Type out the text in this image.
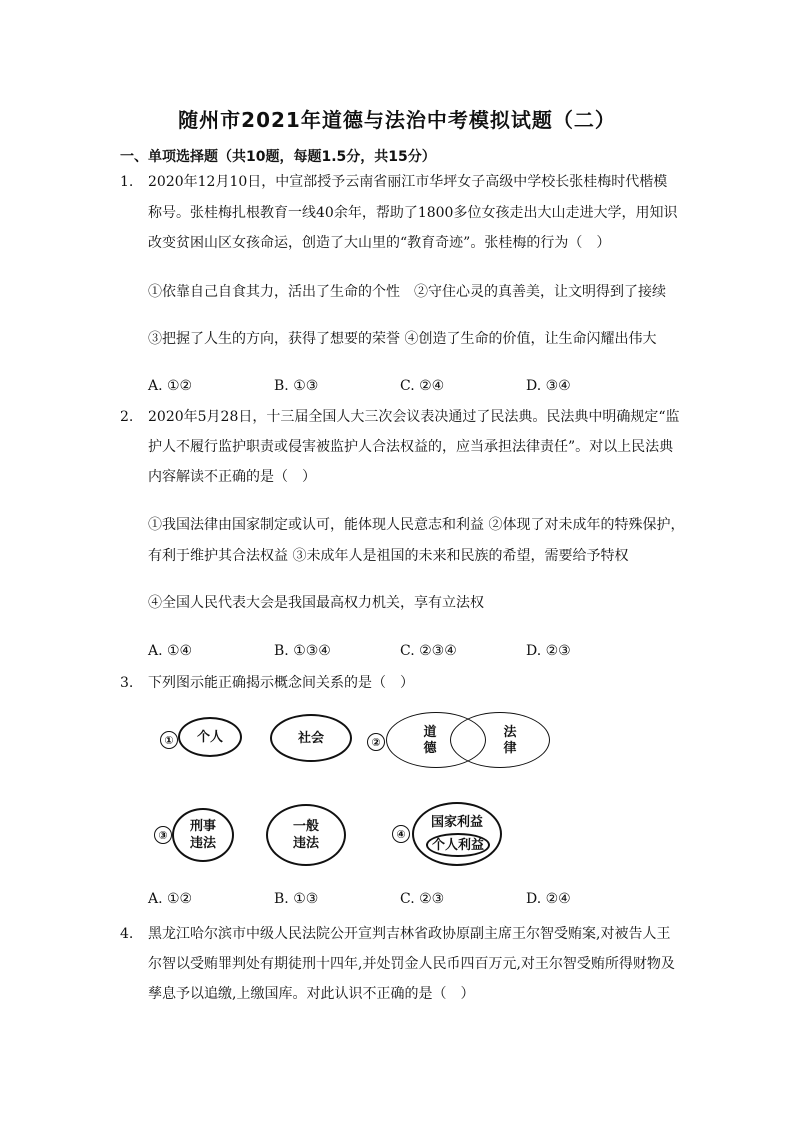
随州市2021年道德与法治中考模拟试题（二）
一、单项选择题（共10题，每题1.5分，共15分）
1. 2020年12月10日，中宣部授予云南省丽江市华坪女子高级中学校长张桂梅时代楷模
称号。张桂梅扎根教育一线40余年，帮助了1800多位女孩走出大山走进大学，用知识
改变贫困山区女孩命运，创造了大山里的“教育奇迹”。张桂梅的行为（　）
①依靠自己自食其力，活出了生命的个性　②守住心灵的真善美，让文明得到了接续
③把握了人生的方向，获得了想要的荣誉 ④创造了生命的价值，让生命闪耀出伟大
A. ①②	B. ①③	C. ②④	D. ③④
2. 2020年5月28日，十三届全国人大三次会议表决通过了民法典。民法典中明确规定“监
护人不履行监护职责或侵害被监护人合法权益的，应当承担法律责任”。对以上民法典
内容解读不正确的是（　）
①我国法律由国家制定或认可，能体现人民意志和利益 ②体现了对未成年的特殊保护，
有利于维护其合法权益 ③未成年人是祖国的未来和民族的希望，需要给予特权
④全国人民代表大会是我国最高权力机关，享有立法权
A. ①④	B. ①③④	C. ②③④	D. ②③
3. 下列图示能正确揭示概念间关系的是（　）
①	个人	社会	②
道
德
法
律
③
刑事违法
一般违法
④
国家利益
个人利益
A. ①②	B. ①③	C. ②③	D. ②④
4. 黑龙江哈尔滨市中级人民法院公开宣判吉林省政协原副主席王尔智受贿案,对被告人王
尔智以受贿罪判处有期徒刑十四年,并处罚金人民币四百万元,对王尔智受贿所得财物及
孳息予以追缴,上缴国库。对此认识不正确的是（　）
